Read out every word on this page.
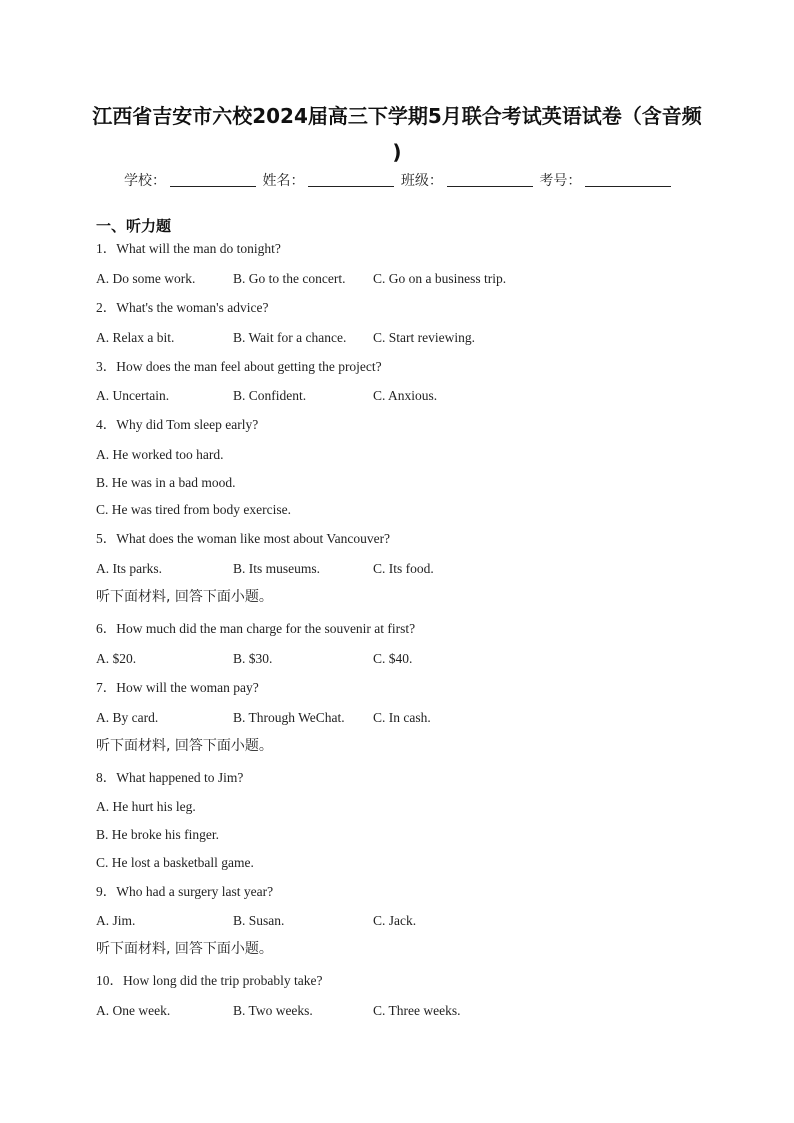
江西省吉安市六校2024届高三下学期5月联合考试英语试卷（含音频
)
学校：	姓名：	班级：	考号：
一、听力题
1．What will the man do tonight?
A. Do some work.	B. Go to the concert. C. Go on a business trip.
2．What's the woman's advice?
A. Relax a bit.	B. Wait for a chance. C. Start reviewing.
3．How does the man feel about getting the project?
A. Uncertain.	B. Confident.	C. Anxious.
4．Why did Tom sleep early?
A. He worked too hard.
B. He was in a bad mood.
C. He was tired from body exercise.
5．What does the woman like most about Vancouver?
A. Its parks.	B. Its museums.	C. Its food.
听下面材料, 回答下面小题。
6．How much did the man charge for the souvenir at first?
A. $20.	B. $30.	C. $40.
7．How will the woman pay?
A. By card.	B. Through WeChat. C. In cash.
听下面材料, 回答下面小题。
8．What happened to Jim?
A. He hurt his leg.
B. He broke his finger.
C. He lost a basketball game.
9．Who had a surgery last year?
A. Jim.	B. Susan.	C. Jack.
听下面材料, 回答下面小题。
10．How long did the trip probably take?
A. One week.	B. Two weeks.	C. Three weeks.
